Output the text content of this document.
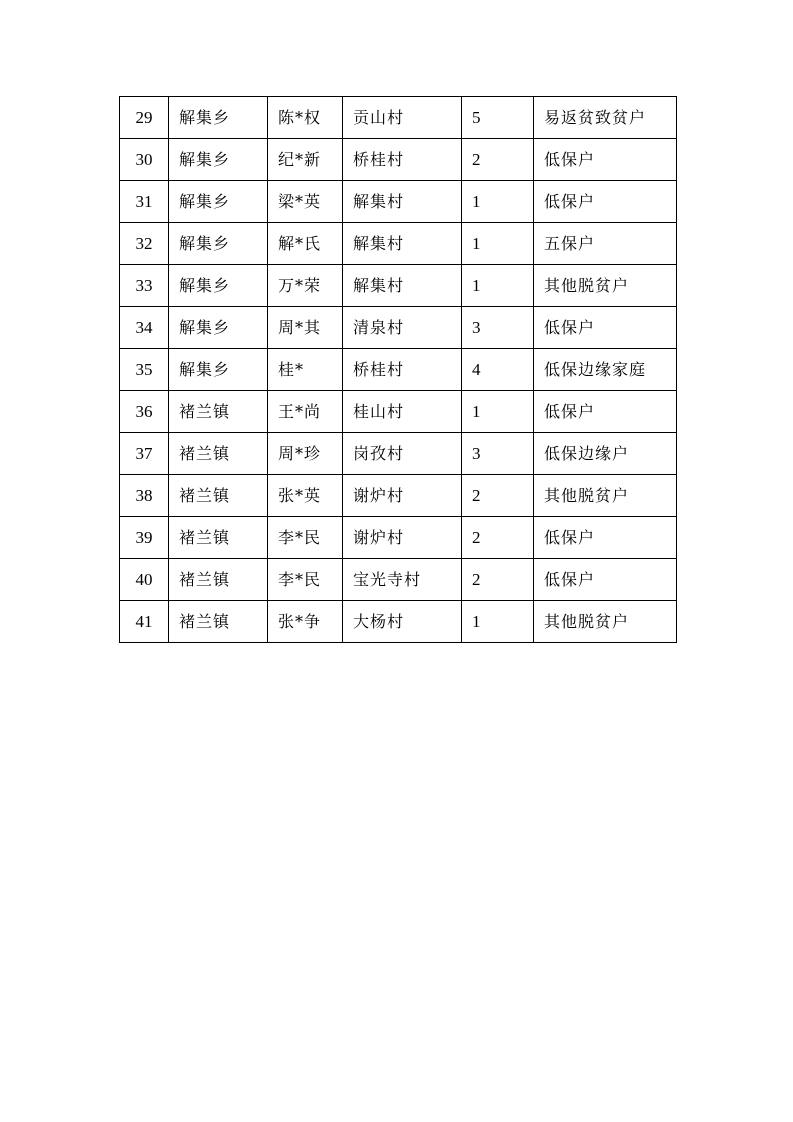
29	解集乡	陈*权	贡山村	5	易返贫致贫户
30	解集乡	纪*新	桥桂村	2	低保户
31	解集乡	梁*英	解集村	1	低保户
32	解集乡	解*氏	解集村	1	五保户
33	解集乡	万*荣	解集村	1	其他脱贫户
34	解集乡	周*其	清泉村	3	低保户
35	解集乡	桂*	桥桂村	4	低保边缘家庭
36	褚兰镇	王*尚	桂山村	1	低保户
37	褚兰镇	周*珍	岗孜村	3	低保边缘户
38	褚兰镇	张*英	谢炉村	2	其他脱贫户
39	褚兰镇	李*民	谢炉村	2	低保户
40	褚兰镇	李*民	宝光寺村	2	低保户
41	褚兰镇	张*争	大杨村	1	其他脱贫户
